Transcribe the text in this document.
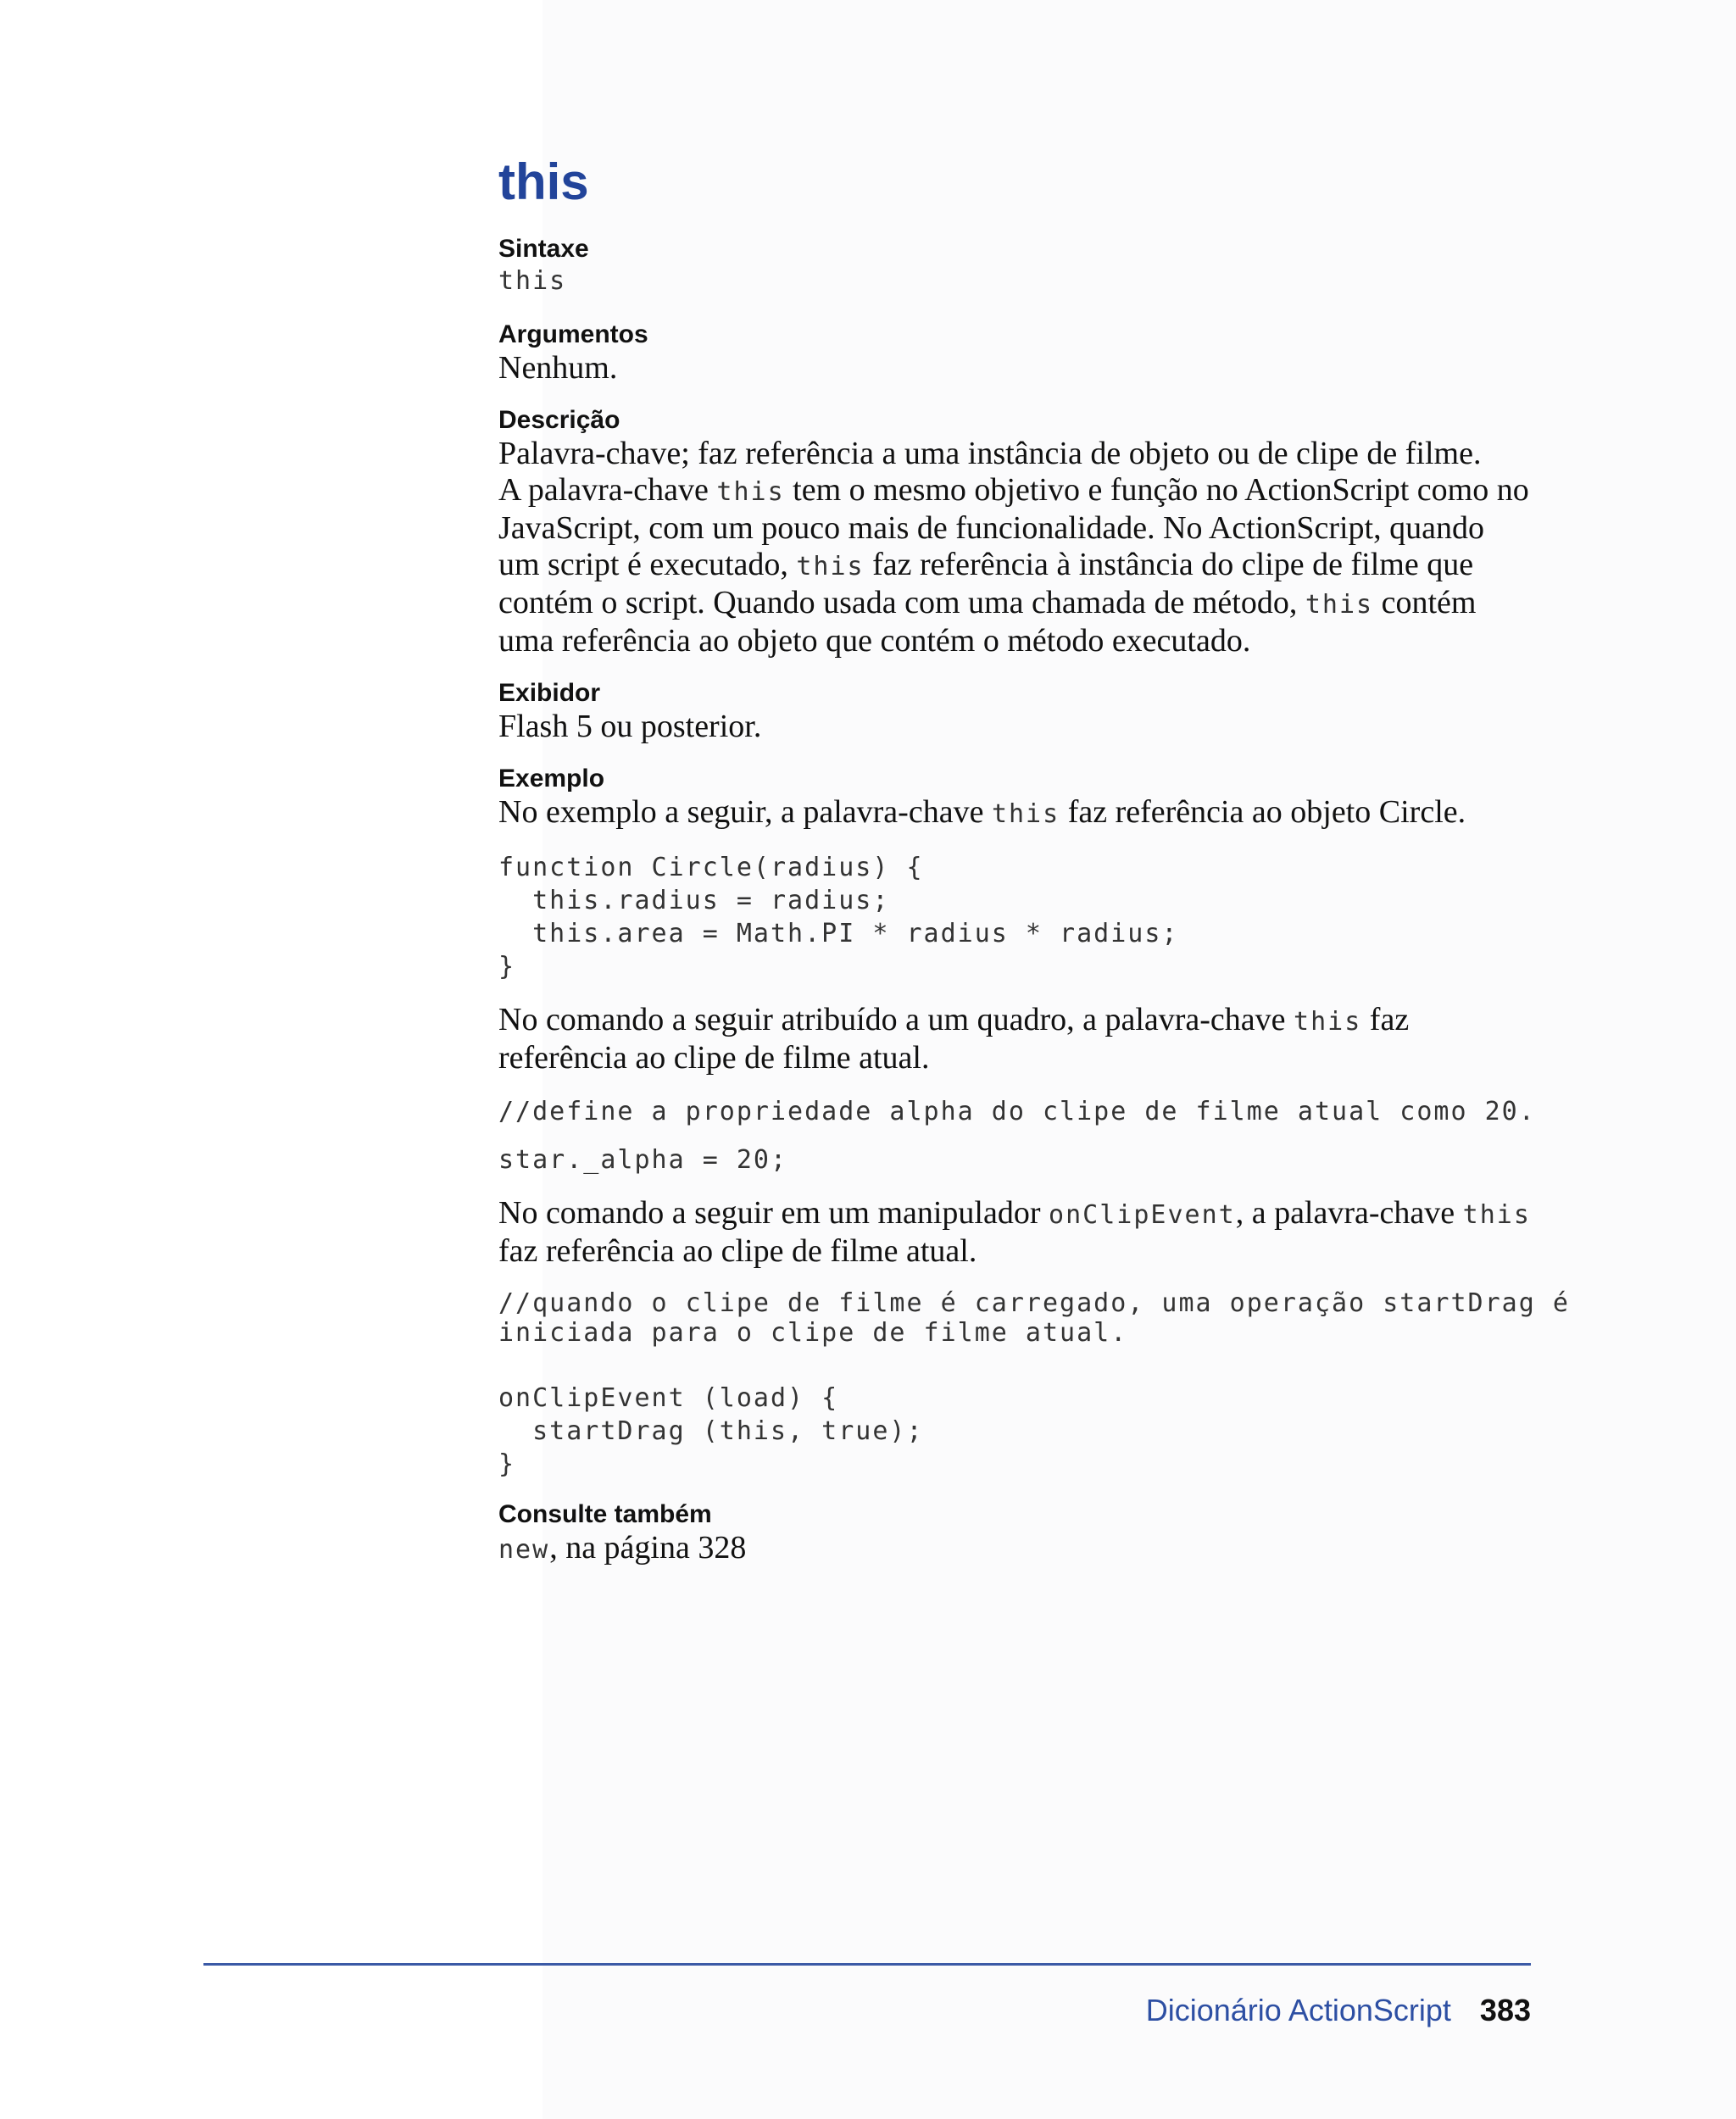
this
Sintaxe
this
Argumentos

Nenhum.

Descrição

Palavra-chave; faz referência a uma instância de objeto ou de clipe de filme.
A palavra-chave this tem o mesmo objetivo e função no ActionScript como no JavaScript, com um pouco mais de funcionalidade. No ActionScript, quando um script é executado, this faz referência à instância do clipe de filme que contém o script. Quando usada com uma chamada de método, this contém uma referência ao objeto que contém o método executado.

Exibidor

Flash 5 ou posterior.

Exemplo

No exemplo a seguir, a palavra-chave this faz referência ao objeto Circle.

function Circle(radius) {
this.radius = radius;
this.area = Math.PI * radius * radius;
}

No comando a seguir atribuído a um quadro, a palavra-chave this faz referência ao clipe de filme atual.

//define a propriedade alpha do clipe de filme atual como 20.
star._alpha = 20;

No comando a seguir em um manipulador onClipEvent, a palavra-chave this faz referência ao clipe de filme atual.

//quando o clipe de filme é carregado, uma operação startDrag
iniciada para o clipe de filme atual.
onClipEvent (load) {
startDrag (this, true);
}
Consulte também

new, na página 328

Dicionário ActionScript 383
